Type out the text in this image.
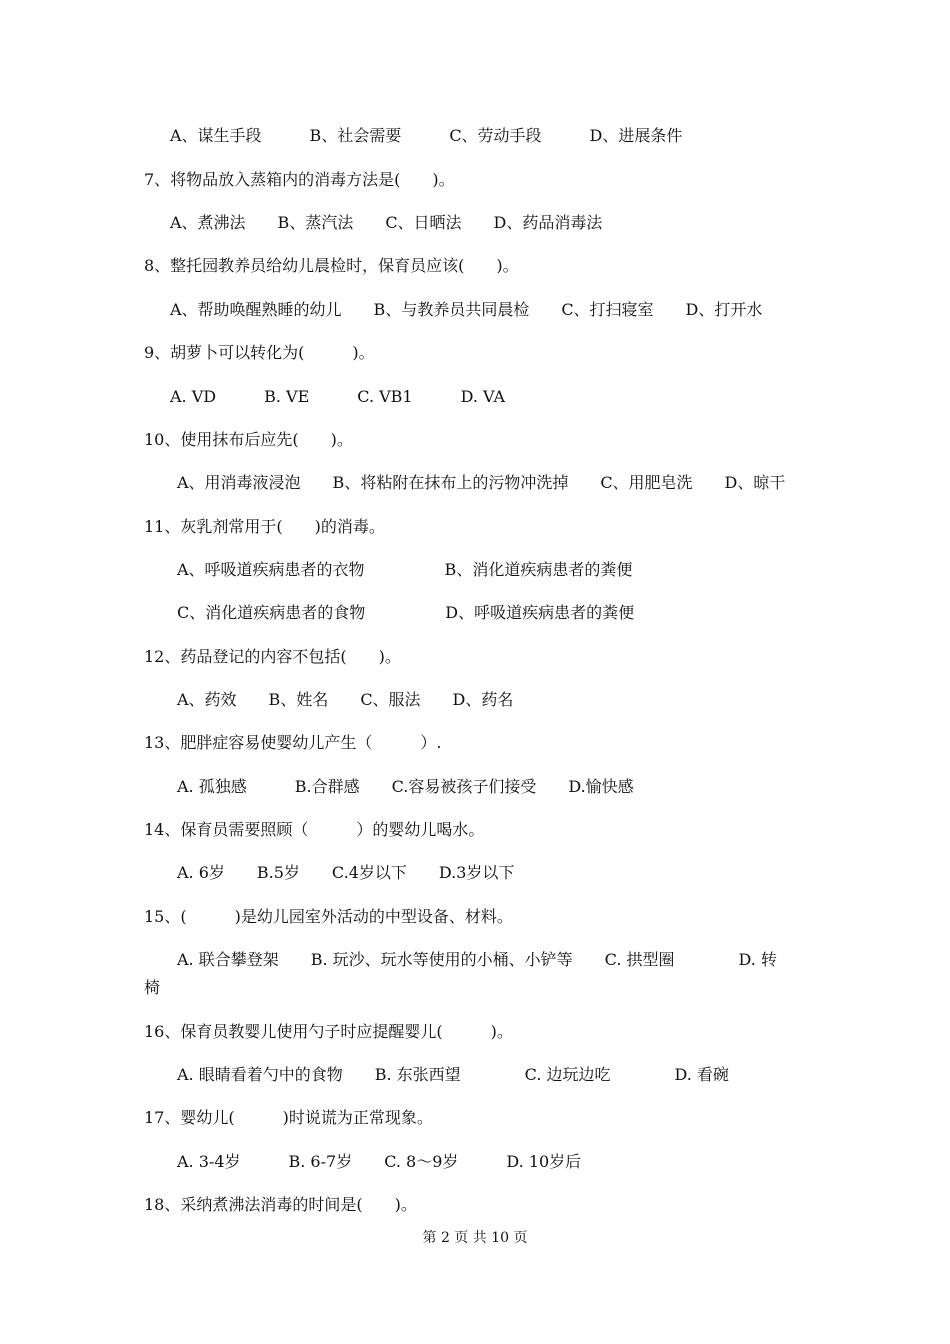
A、谋生手段　　　B、社会需要　　　C、劳动手段　　　D、进展条件
7、将物品放入蒸箱内的消毒方法是(　　)。
A、煮沸法　　B、蒸汽法　　C、日晒法　　D、药品消毒法
8、整托园教养员给幼儿晨检时，保育员应该(　　)。
A、帮助唤醒熟睡的幼儿　　B、与教养员共同晨检　　C、打扫寝室　　D、打开水
9、胡萝卜可以转化为(　　　)。
A. VD　　　B. VE　　　C. VB1　　　D. VA
10、使用抹布后应先(　　)。
A、用消毒液浸泡　　B、将粘附在抹布上的污物冲洗掉　　C、用肥皂洗　　D、晾干
11、灰乳剂常用于(　　)的消毒。
A、呼吸道疾病患者的衣物　　　　　B、消化道疾病患者的粪便
C、消化道疾病患者的食物　　　　　D、呼吸道疾病患者的粪便
12、药品登记的内容不包括(　　)。
A、药效　　B、姓名　　C、服法　　D、药名
13、肥胖症容易使婴幼儿产生（　　　）.
A. 孤独感　　　B.合群感　　C.容易被孩子们接受　　D.愉快感
14、保育员需要照顾（　　　）的婴幼儿喝水。
A. 6岁　　B.5岁　　C.4岁以下　　D.3岁以下
15、(　　　)是幼儿园室外活动的中型设备、材料。
A. 联合攀登架　　B. 玩沙、玩水等使用的小桶、小铲等　　C. 拱型圈　　　　D. 转
椅
16、保育员教婴儿使用勺子时应提醒婴儿(　　　)。
A. 眼睛看着勺中的食物　　B. 东张西望　　　　C. 边玩边吃　　　　D. 看碗
17、婴幼儿(　　　)时说谎为正常现象。
A. 3-4岁　　　B. 6-7岁　　C. 8～9岁　　　D. 10岁后
18、采纳煮沸法消毒的时间是(　　)。
第 2 页 共 10 页
